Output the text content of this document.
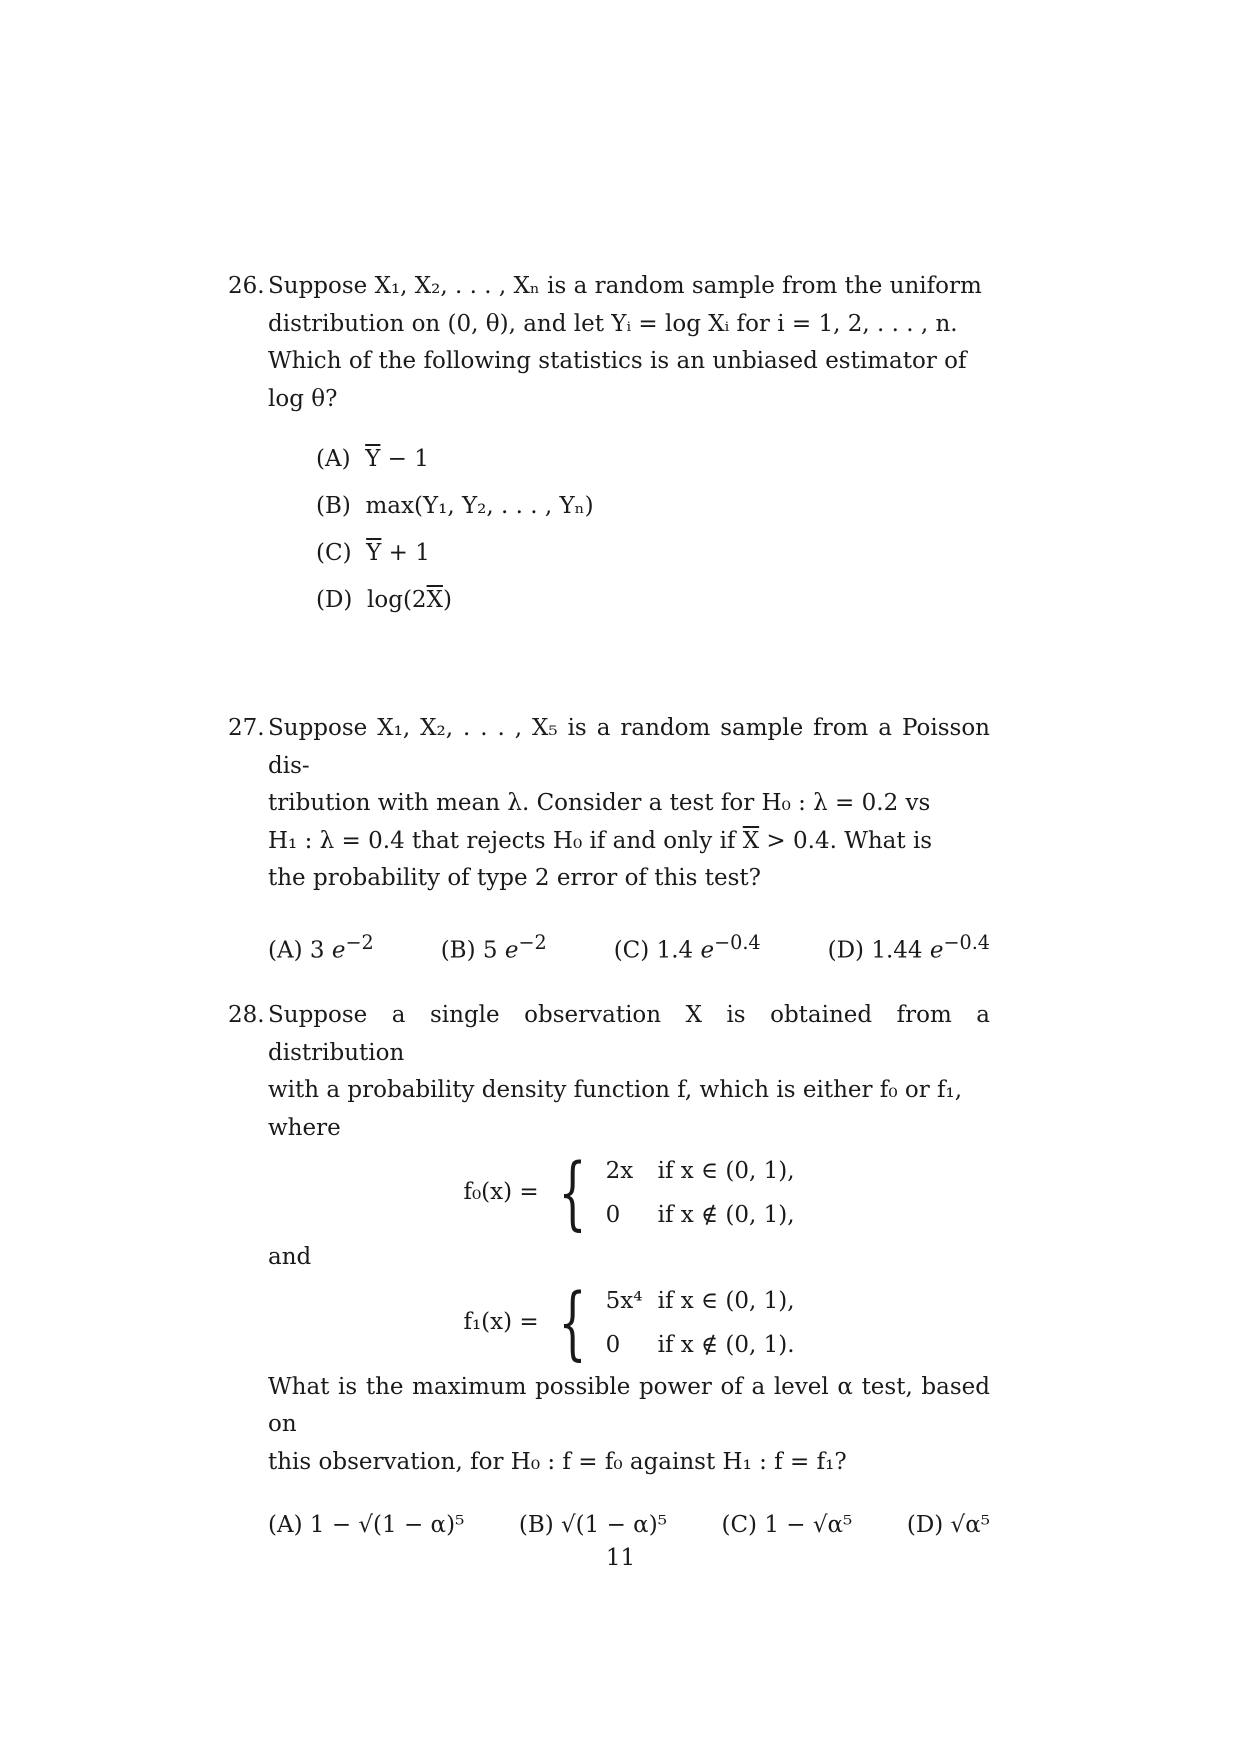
26. Suppose X₁, X₂, . . . , Xₙ is a random sample from the uniform
distribution on (0, θ), and let Yᵢ = log Xᵢ for i = 1, 2, . . . , n.
Which of the following statistics is an unbiased estimator of
log θ?
(A) $\overline{Y} - 1$
(B) max(Y₁, Y₂, . . . , Yₙ)
(C) $\overline{Y} + 1$
(D) $\log(2\overline{X})$
27. Suppose X₁, X₂, . . . , X₅ is a random sample from a Poisson dis-
tribution with mean λ. Consider a test for H₀ : λ = 0.2 vs
H₁ : λ = 0.4 that rejects H₀ if and only if $\overline{X} > 0.4$. What is
the probability of type 2 error of this test?
(A) 3 $e^{-2}$	(B) 5 $e^{-2}$	(C) 1.4 $e^{-0.4}$	(D) 1.44 $e^{-0.4}$
28. Suppose a single observation X is obtained from a distribution
with a probability density function f, which is either f₀ or f₁,
where
f₀(x) = { 2x	if x ∈ (0, 1),
0	if x ∉ (0, 1),
and
f₁(x) = { 5x⁴ if x ∈ (0, 1),
0	if x ∉ (0, 1).
What is the maximum possible power of a level α test, based on
this observation, for H₀ : f = f₀ against H₁ : f = f₁?
(A) 1 − √(1 − α)⁵ (B) √(1 − α)⁵ (C) 1 − √α⁵ (D) √α⁵
11
